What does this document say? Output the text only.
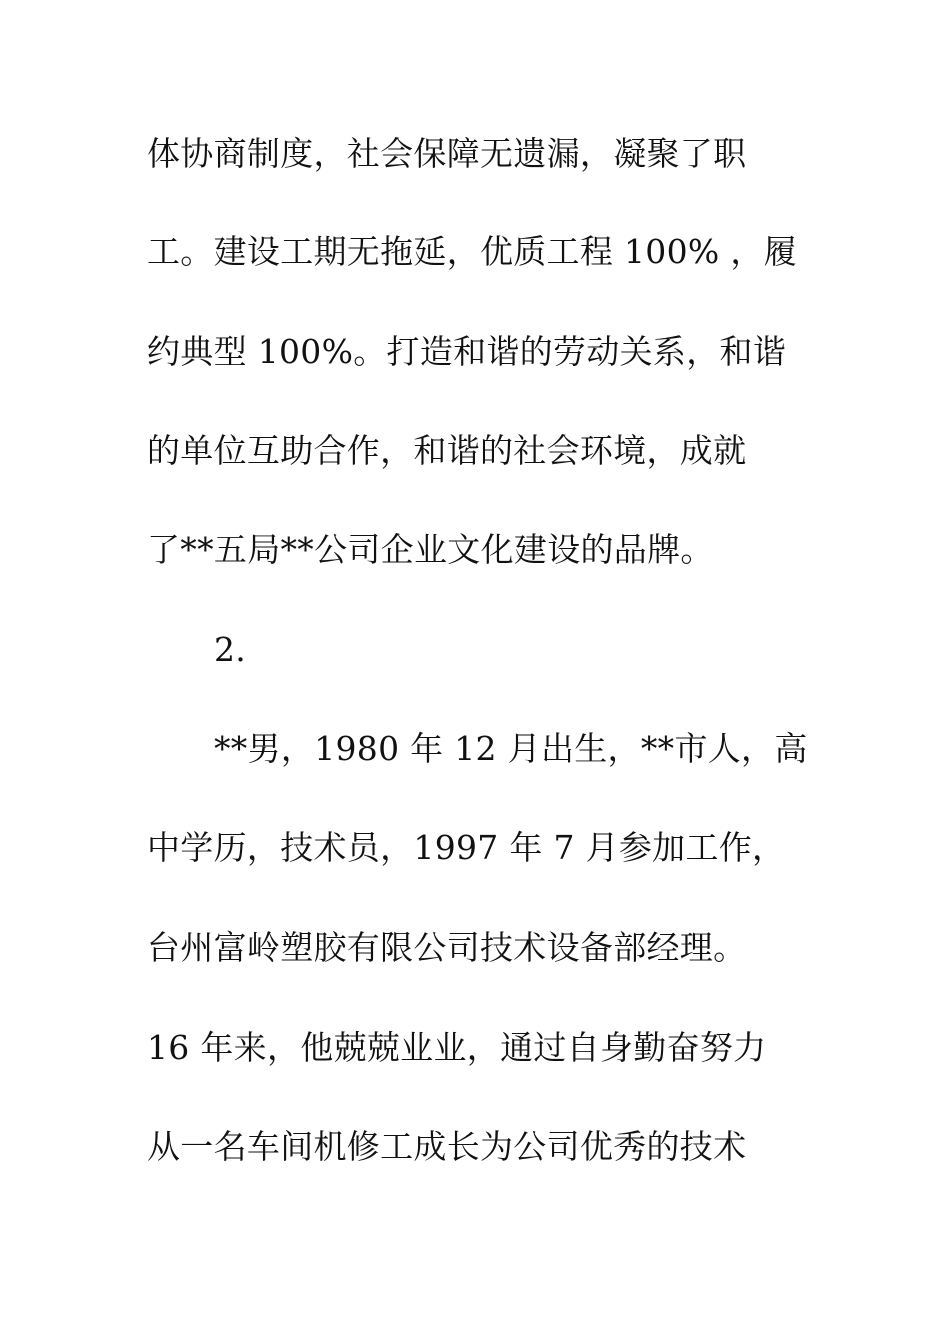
体协商制度，社会保障无遗漏，凝聚了职
工。建设工期无拖延，优质工程 100% ，履
约典型 100%。打造和谐的劳动关系，和谐
的单位互助合作，和谐的社会环境，成就
了**五局**公司企业文化建设的品牌。
2.
**男，1980 年 12 月出生，**市人，高
中学历，技术员，1997 年 7 月参加工作，
台州富岭塑胶有限公司技术设备部经理。
16 年来，他兢兢业业，通过自身勤奋努力
从一名车间机修工成长为公司优秀的技术
